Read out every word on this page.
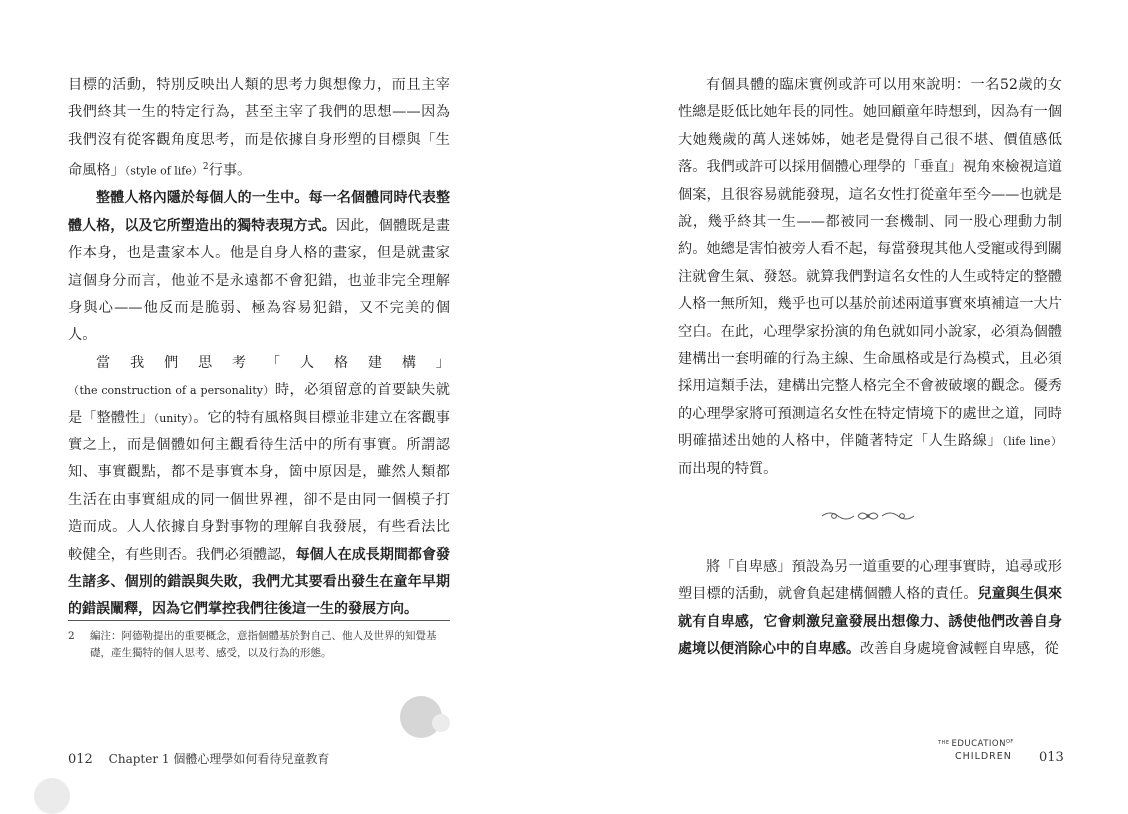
目標的活動，特別反映出人類的思考力與想像力，而且主宰我們終其一生的特定行為，甚至主宰了我們的思想——因為我們沒有從客觀角度思考，而是依據自身形塑的目標與「生命風格」（style of life）$^2$行事。

整體人格內隱於每個人的一生中。每一名個體同時代表整體人格，以及它所塑造出的獨特表現方式。因此，個體既是畫作本身，也是畫家本人。他是自身人格的畫家，但是就畫家這個身分而言，他並不是永遠都不會犯錯，也並非完全理解身與心——他反而是脆弱、極為容易犯錯，又不完美的個人。

當我們思考「人格建構」（the construction of a personality）時，必須留意的首要缺失就是「整體性」（unity）。它的特有風格與目標並非建立在客觀事實之上，而是個體如何主觀看待生活中的所有事實。所謂認知、事實觀點，都不是事實本身，箇中原因是，雖然人類都生活在由事實組成的同一個世界裡，卻不是由同一個模子打造而成。人人依據自身對事物的理解自我發展，有些看法比較健全，有些則否。我們必須體認，每個人在成長期間都會發生諸多、個別的錯誤與失敗，我們尤其要看出發生在童年早期的錯誤闡釋，因為它們掌控我們往後這一生的發展方向。

2	編注：阿德勒提出的重要概念，意指個體基於對自己、他人及世界的知覺基礎，產生獨特的個人思考、感受，以及行為的形態。
012 Chapter 1 個體心理學如何看待兒童教育

有個具體的臨床實例或許可以用來說明：一名52歲的女性總是貶低比她年長的同性。她回顧童年時想到，因為有一個大她幾歲的萬人迷姊姊，她老是覺得自己很不堪、價值感低落。我們或許可以採用個體心理學的「垂直」視角來檢視這道個案，且很容易就能發現，這名女性打從童年至今——也就是說，幾乎終其一生——都被同一套機制、同一股心理動力制約。她總是害怕被旁人看不起，每當發現其他人受寵或得到關注就會生氣、發怒。就算我們對這名女性的人生或特定的整體人格一無所知，幾乎也可以基於前述兩道事實來填補這一大片空白。在此，心理學家扮演的角色就如同小說家，必須為個體建構出一套明確的行為主線、生命風格或是行為模式，且必須採用這類手法，建構出完整人格完全不會被破壞的觀念。優秀的心理學家將可預測這名女性在特定情境下的處世之道，同時明確描述出她的人格中，伴隨著特定「人生路線」（life line）而出現的特質。

將「自卑感」預設為另一道重要的心理事實時，追尋或形塑目標的活動，就會負起建構個體人格的責任。兒童與生俱來就有自卑感，它會刺激兒童發展出想像力、誘使他們改善自身處境以便消除心中的自卑感。改善自身處境會減輕自卑感，從

$^{THE}$ $EDUCATION^{OF}$
CHILDREN 013
